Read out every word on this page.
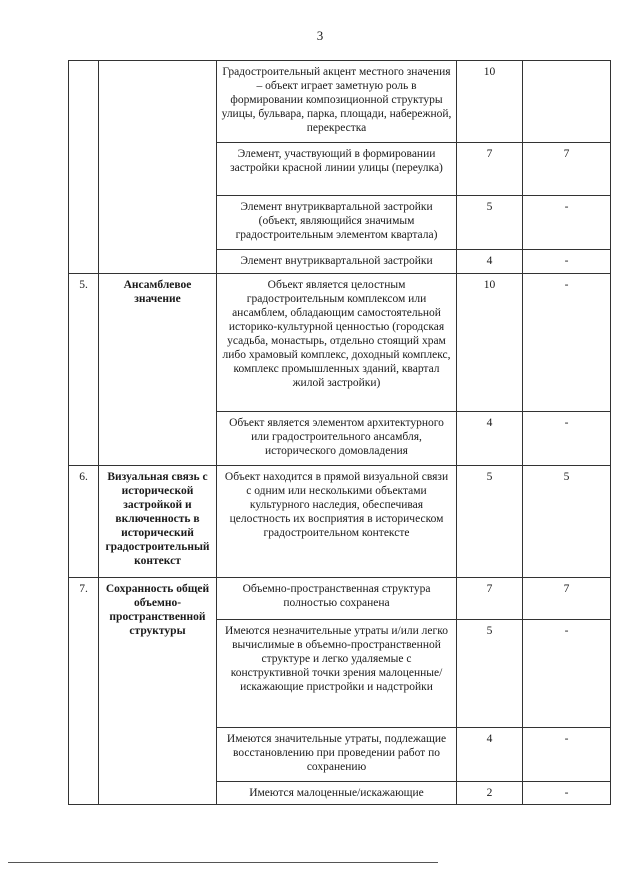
3
		Градостроительный акцент местного значения – объект играет заметную роль в формировании композиционной структуры улицы, бульвара, парка, площади, набережной, перекрестка	10	
		Элемент, участвующий в формировании застройки красной линии улицы (переулка)	7	7
		Элемент внутриквартальной застройки (объект, являющийся значимым градостроительным элементом квартала)	5	-
		Элемент внутриквартальной застройки	4	-
5.	Ансамблевое значение	Объект является целостным градостроительным комплексом или ансамблем, обладающим самостоятельной историко-культурной ценностью (городская усадьба, монастырь, отдельно стоящий храм либо храмовый комплекс, доходный комплекс, комплекс промышленных зданий, квартал жилой застройки)	10	-
		Объект является элементом архитектурного или градостроительного ансамбля, исторического домовладения	4	-
6.	Визуальная связь с исторической застройкой и включенность в исторический градостроительный контекст	Объект находится в прямой визуальной связи с одним или несколькими объектами культурного наследия, обеспечивая целостность их восприятия в историческом градостроительном контексте	5	5
7.	Сохранность общей объемно-пространственной структуры	Объемно-пространственная структура полностью сохранена	7	7
		Имеются незначительные утраты и/или легко вычислимые в объемно-пространственной структуре и легко удаляемые с конструктивной точки зрения малоценные/искажающие пристройки и надстройки	5	-
		Имеются значительные утраты, подлежащие восстановлению при проведении работ по сохранению	4	-
		Имеются малоценные/искажающие	2	-
